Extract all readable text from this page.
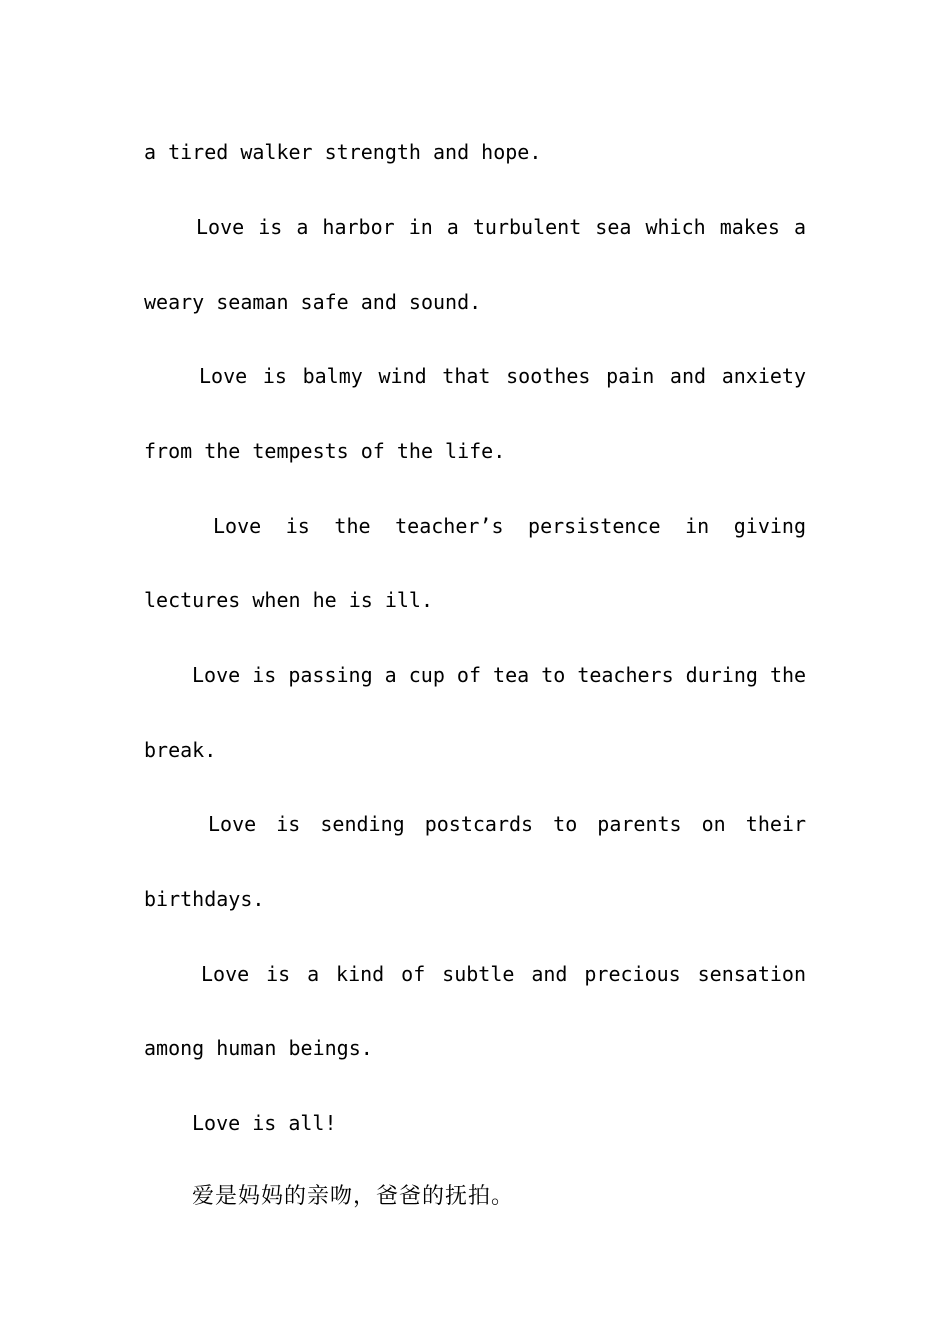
a tired walker strength and hope.
Love is a harbor in a turbulent sea which makes a
weary seaman safe and sound.
Love is balmy wind that soothes pain and anxiety
from the tempests of the life.
Love is the teacher’s persistence in giving
lectures when he is ill.
Love is passing a cup of tea to teachers during the
break.
Love is sending postcards to parents on their
birthdays.
Love is a kind of subtle and precious sensation
among human beings.
Love is all!
爱是妈妈的亲吻，爸爸的抚拍。
